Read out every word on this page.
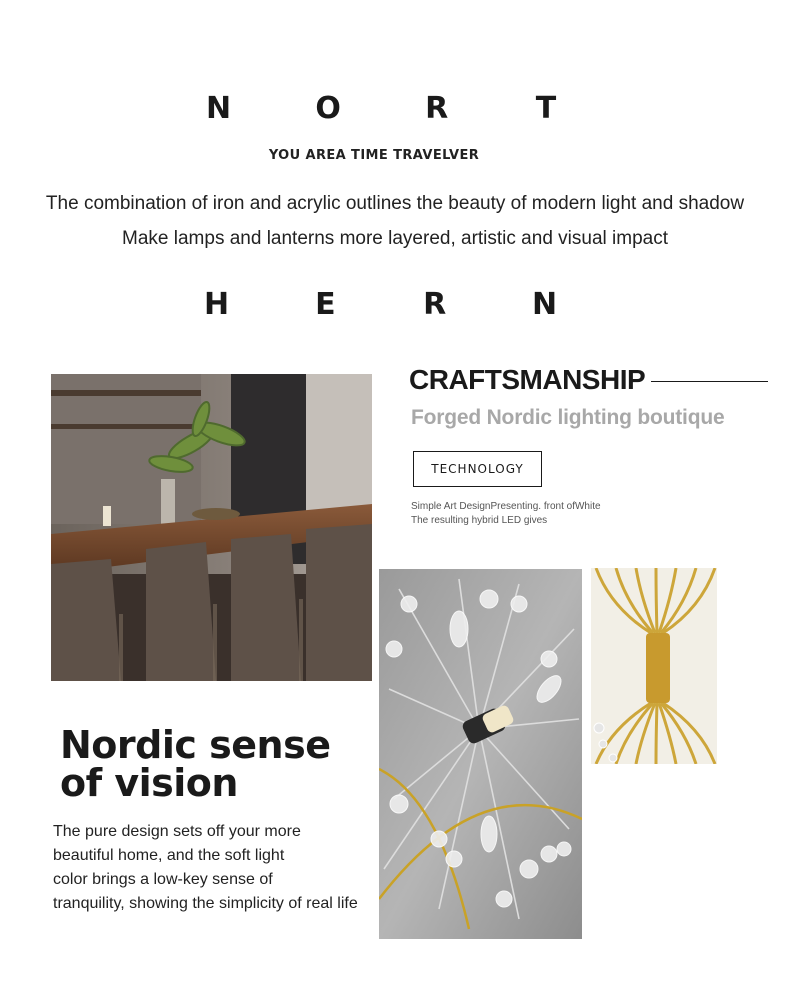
N	O	R	T
YOU AREA TIME TRAVELVER
The combination of iron and acrylic outlines the beauty of modern light and shadow
Make lamps and lanterns more layered, artistic and visual impact
H	E	R	N
CRAFTSMANSHIP
Forged Nordic lighting boutique
TECHNOLOGY
Simple Art DesignPresenting. front ofWhite
The resulting hybrid LED gives
Nordic sense
of vision
The pure design sets off your more
beautiful home, and the soft light
color brings a low-key sense of
tranquility, showing the simplicity of real life
